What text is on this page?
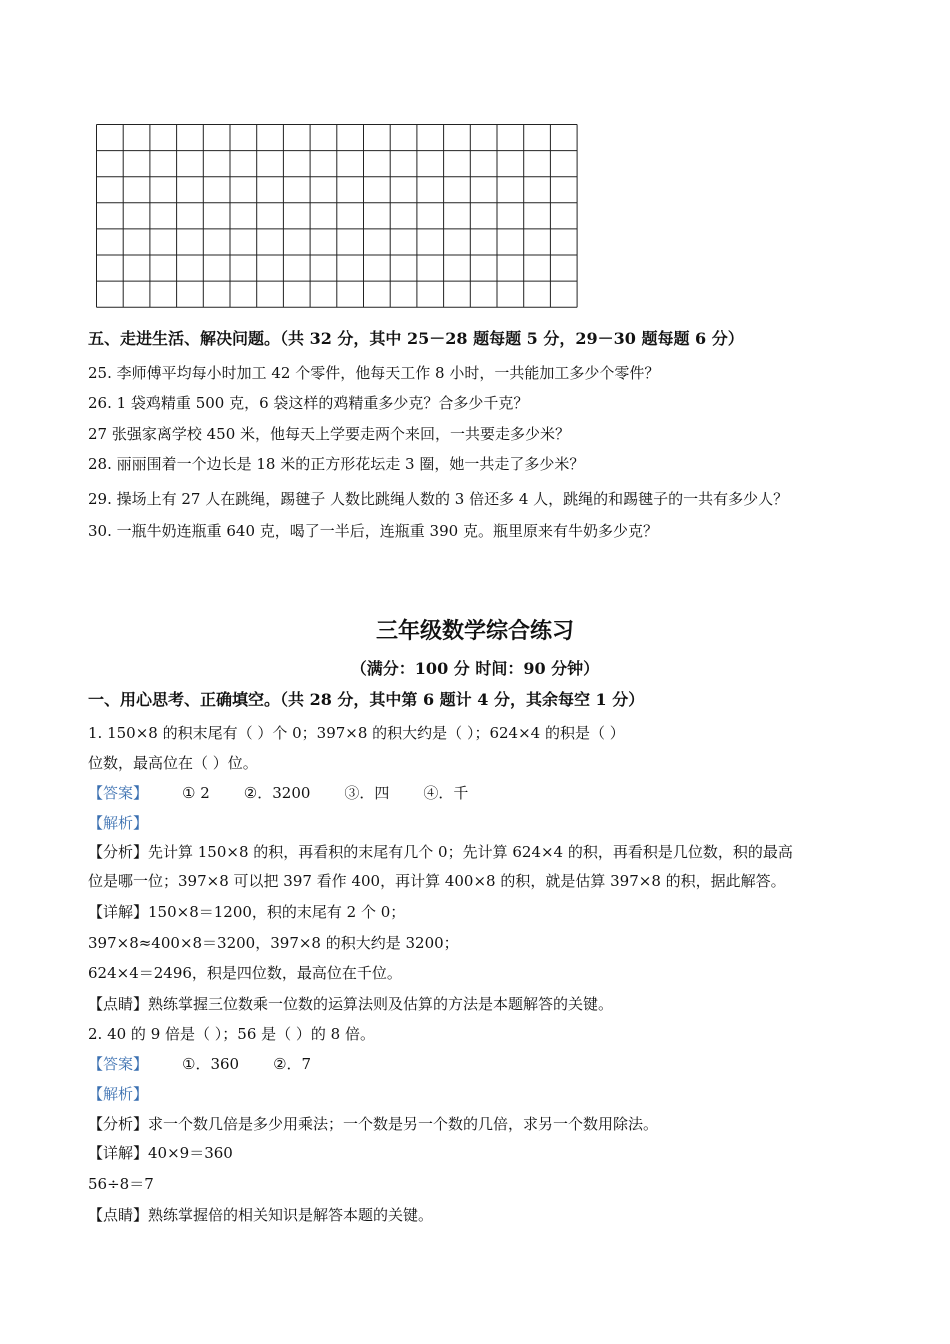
五、走进生活、解决问题。（共 32 分，其中 25－28 题每题 5 分，29－30 题每题 6 分）
25. 李师傅平均每小时加工 42 个零件，他每天工作 8 小时，一共能加工多少个零件？
26. 1 袋鸡精重 500 克，6 袋这样的鸡精重多少克？合多少千克？
27 张强家离学校 450 米，他每天上学要走两个来回，一共要走多少米？
28. 丽丽围着一个边长是 18 米的正方形花坛走 3 圈，她一共走了多少米？
29. 操场上有 27 人在跳绳，踢毽子 人数比跳绳人数的 3 倍还多 4 人，跳绳的和踢毽子的一共有多少人？
30. 一瓶牛奶连瓶重 640 克，喝了一半后，连瓶重 390 克。瓶里原来有牛奶多少克？
三年级数学综合练习
（满分：100 分 时间：90 分钟）
一、用心思考、正确填空。（共 28 分，其中第 6 题计 4 分，其余每空 1 分）
1. 150×8 的积末尾有（ ）个 0；397×8 的积大约是（ ）；624×4 的积是（ ）
位数，最高位在（ ）位。
【答案】 ① 2 ②．3200 ③．四 ④．千
【解析】
【分析】先计算 150×8 的积，再看积的末尾有几个 0；先计算 624×4 的积，再看积是几位数，积的最高
位是哪一位；397×8 可以把 397 看作 400，再计算 400×8 的积，就是估算 397×8 的积，据此解答。
【详解】150×8＝1200，积的末尾有 2 个 0；
397×8≈400×8＝3200，397×8 的积大约是 3200；
624×4＝2496，积是四位数，最高位在千位。
【点睛】熟练掌握三位数乘一位数的运算法则及估算的方法是本题解答的关键。
2. 40 的 9 倍是（ ）；56 是（ ）的 8 倍。
【答案】 ①．360 ②．7
【解析】
【分析】求一个数几倍是多少用乘法；一个数是另一个数的几倍，求另一个数用除法。
【详解】40×9＝360
56÷8＝7
【点睛】熟练掌握倍的相关知识是解答本题的关键。
